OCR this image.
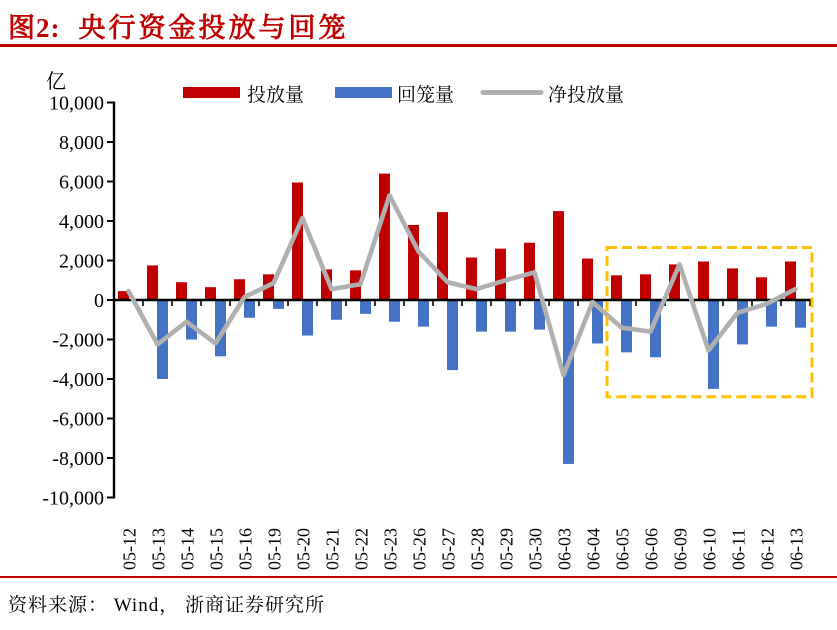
图2: 央行资金投放与回笼
10,000
8,000
6,000
4,000
2,000
0
-2,000
-4,000
-6,000
-8,000
-10,000
亿
05-12 05-13 05-14 05-15 05-16 05-19 05-20 05-21 05-22 05-23 05-26 05-27 05-28 05-29 05-30 06-03 06-04 06-05 06-06 06-09 06-10 06-11 06-12 06-13
投放量	回笼量	净投放量
资料来源： Wind， 浙商证券研究所
